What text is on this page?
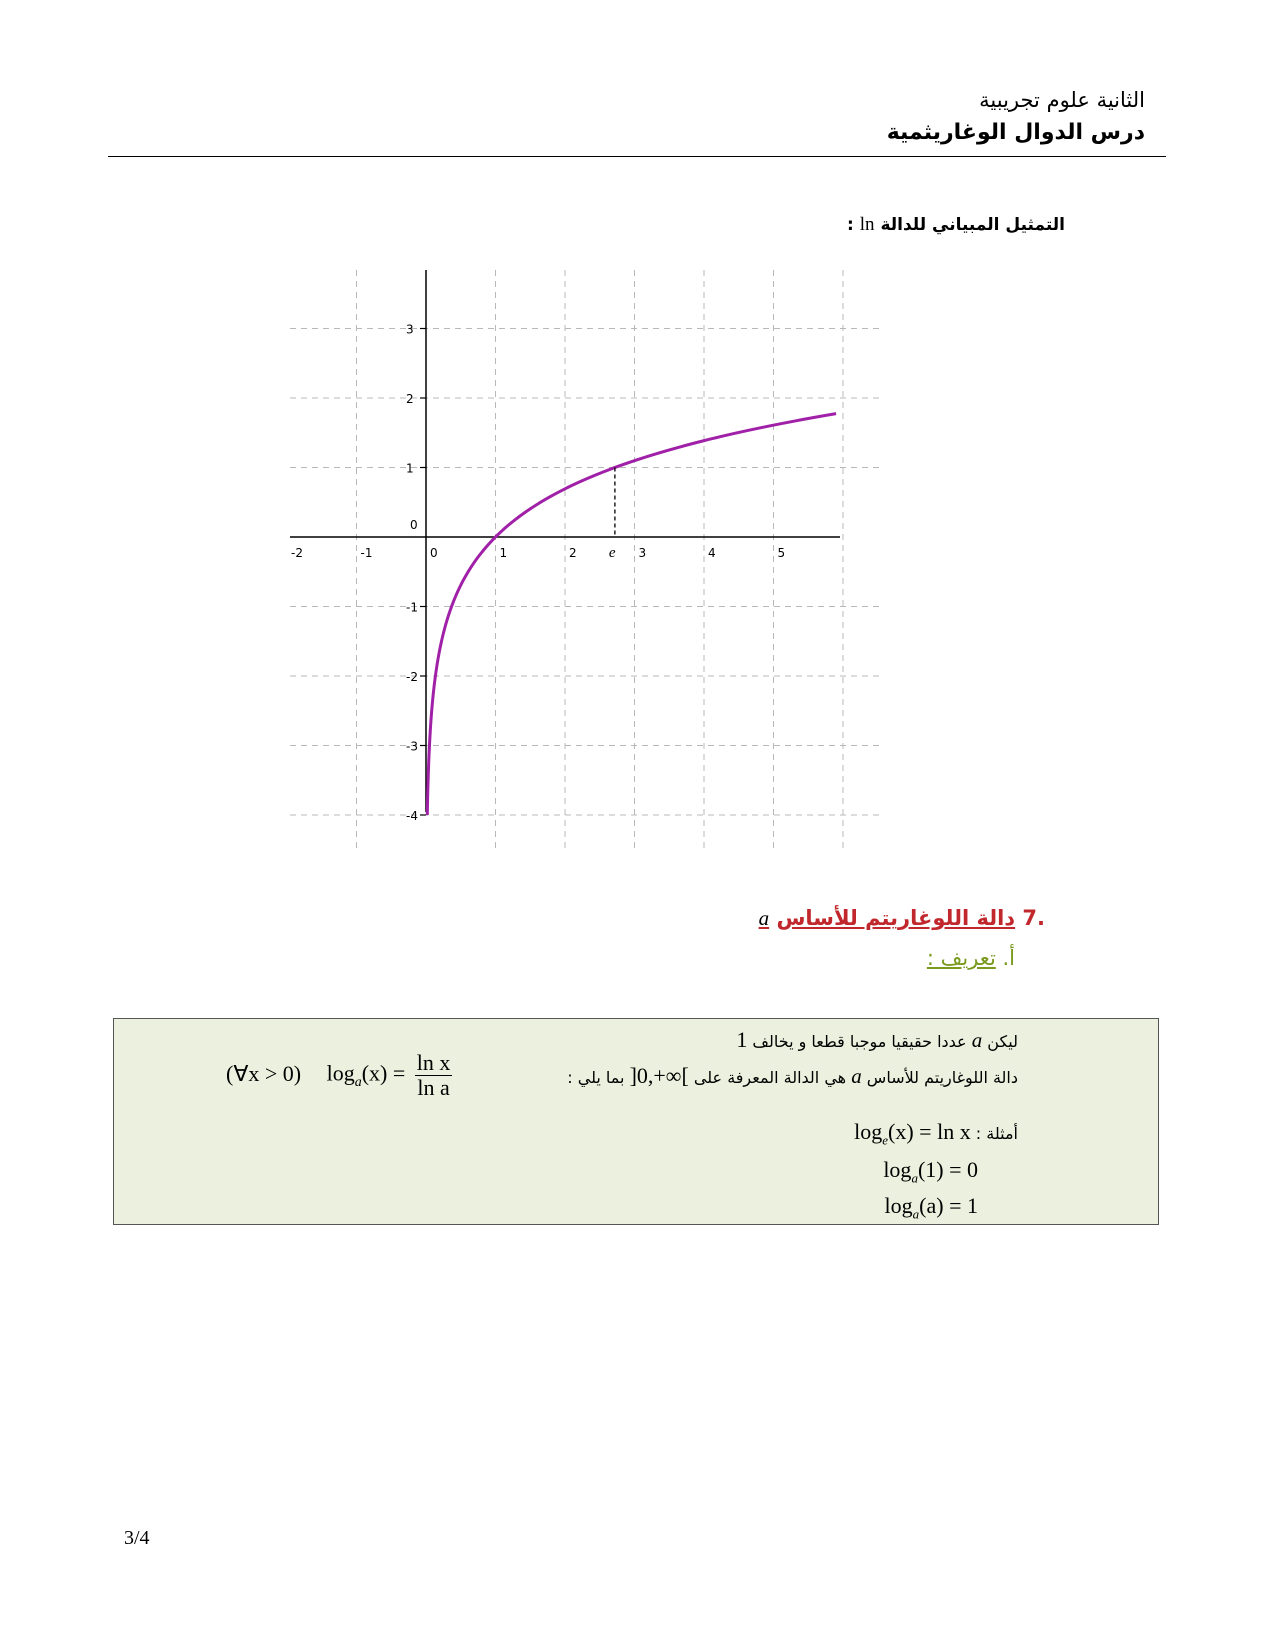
الثانية علوم تجريبية
درس الدوال الوغاريثمية
التمثيل المبياني للدالة ln :
-2	-1	0	1	2	3	4	5
-4
-3
-2
-1
0
1
2
3
e
.7 دالة اللوغاريتم للأساس a
أ. تعريف :
ليكن a عددا حقيقيا موجبا قطعا و يخالف 1
دالة اللوغاريتم للأساس a هي الدالة المعرفة على ]0,+∞[ بما يلي :
(∀x > 0) $\log_a(x) = \frac{\text{ln x}}{\text{ln a}}$
أمثلة : $\log_e(x) = \ln x$
$\log_a(1) = 0$
$\log_a(a) = 1$
3/4
